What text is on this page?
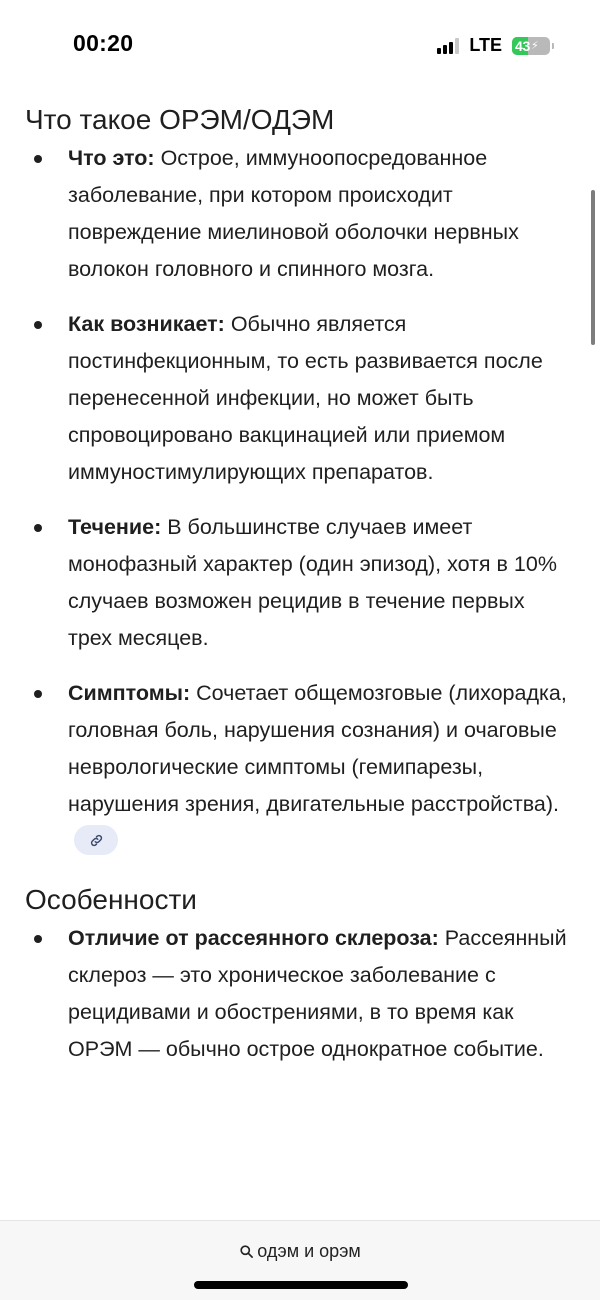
00:20	LTE 43 ⚡
Что такое ОРЭМ/ОДЭМ
Что это: Острое, иммуноопосредованное заболевание, при котором происходит повреждение миелиновой оболочки нервных волокон головного и спинного мозга.
Как возникает: Обычно является постинфекционным, то есть развивается после перенесенной инфекции, но может быть спровоцировано вакцинацией или приемом иммуностимулирующих препаратов.
Течение: В большинстве случаев имеет монофазный характер (один эпизод), хотя в 10% случаев возможен рецидив в течение первых трех месяцев.
Симптомы: Сочетает общемозговые (лихорадка, головная боль, нарушения сознания) и очаговые неврологические симптомы (гемипарезы, нарушения зрения, двигательные расстройства).
Особенности
Отличие от рассеянного склероза: Рассеянный склероз — это хроническое заболевание с рецидивами и обострениями, в то время как ОРЭМ — обычно острое однократное событие.
одэм и орэм
